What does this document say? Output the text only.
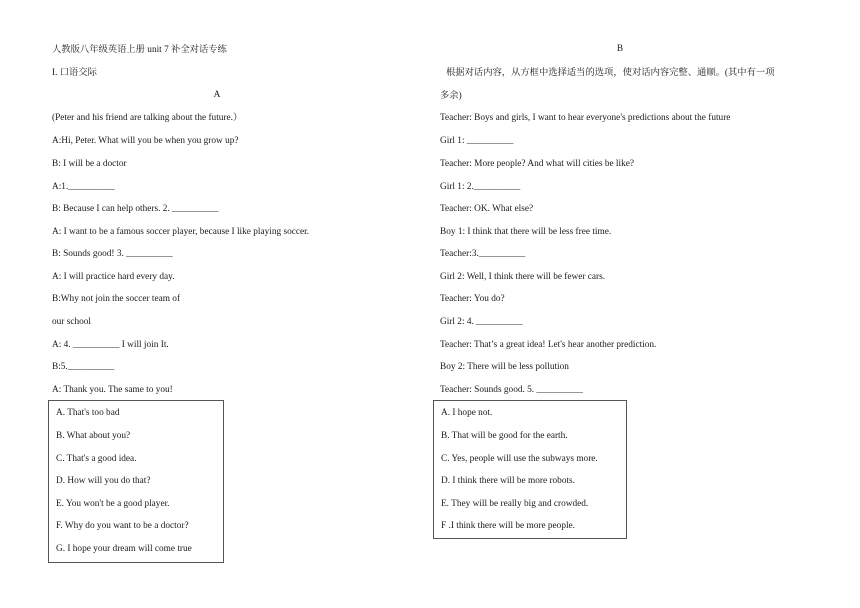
人教版八年级英语上册 unit 7 补全对话专练
I. 口语交际
A
(Peter and his friend are talking about the future.）
A:Hi, Peter. What will you be when you grow up?
B: I will be a doctor
A:1.__________
B: Because I can help others. 2. __________
A: I want to be a famous soccer player, because I like playing soccer.
B: Sounds good! 3. __________
A: I will practice hard every day.
B:Why not join the soccer team of
our school
A: 4. __________ I will join It.
B:5.__________
A: Thank you. The same to you!
A. That's too bad
B. What about you?
C. That's a good idea.
D. How will you do that?
E. You won't be a good player.
F. Why do you want to be a doctor?
G. I hope your dream will come true
B
根据对话内容，从方框中选择适当的选项，使对话内容完整、通顺。(其中有一项
多余)
Teacher: Boys and girls, I want to hear everyone's predictions about the future
Girl 1: __________
Teacher: More people? And what will cities be like?
Girl 1: 2.__________
Teacher: OK. What else?
Boy 1: I think that there will be less free time.
Teacher:3.__________
Girl 2: Well, I think there will be fewer cars.
Teacher: You do?
Girl 2: 4. __________
Teacher: That’s a great idea! Let's hear another prediction.
Boy 2: There will be less pollution
Teacher: Sounds good. 5. __________
A. I hope not.
B. That will be good for the earth.
C. Yes, people will use the subways more.
D. I think there will be more robots.
E. They will be really big and crowded.
F .I think there will be more people.
